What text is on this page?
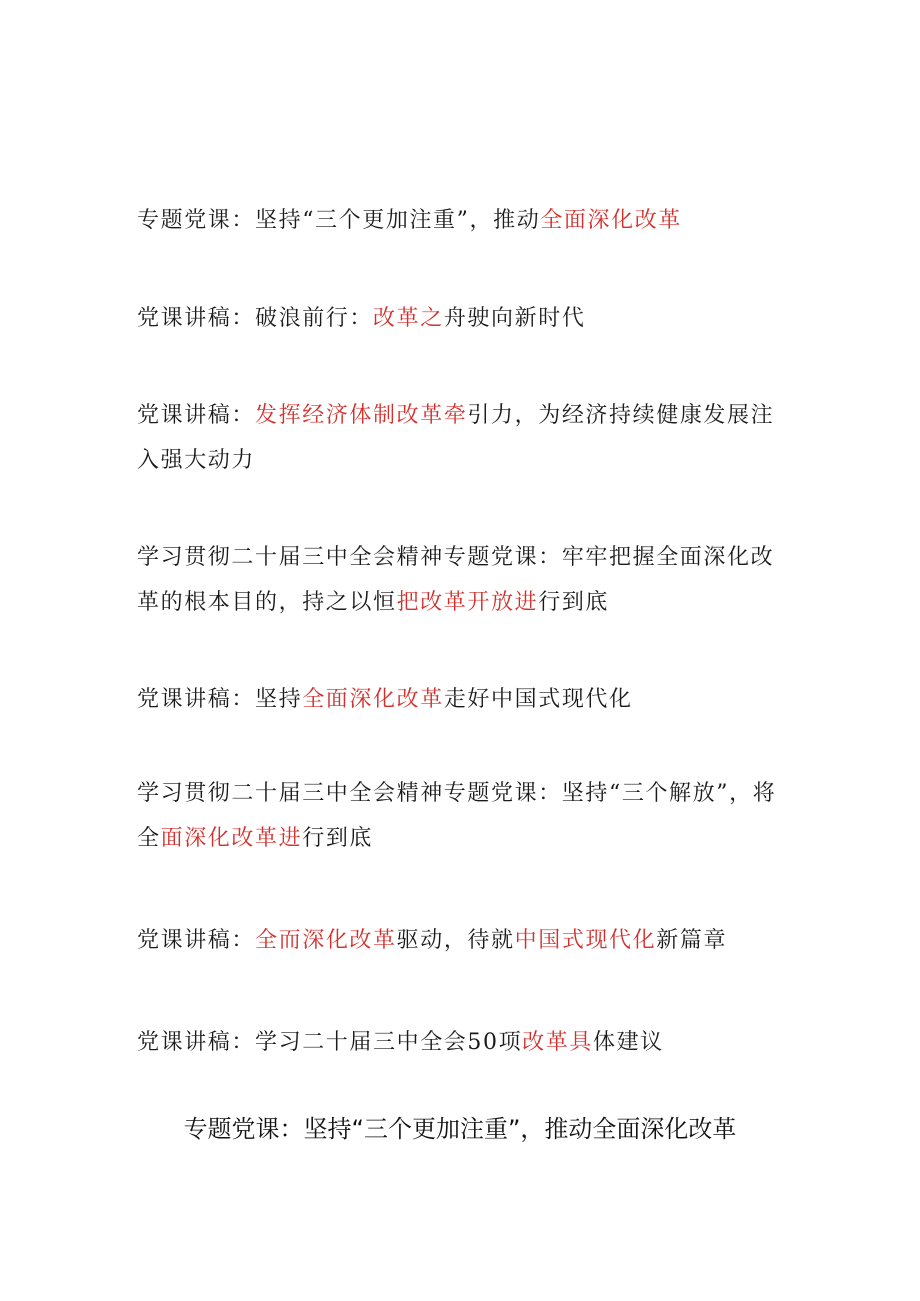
专题党课：坚持“三个更加注重”，推动全面深化改革
党课讲稿：破浪前行：改革之舟驶向新时代
党课讲稿：发挥经济体制改革牵引力，为经济持续健康发展注入强大动力
学习贯彻二十届三中全会精神专题党课：牢牢把握全面深化改革的根本目的，持之以恒把改革开放进行到底
党课讲稿：坚持全面深化改革走好中国式现代化
学习贯彻二十届三中全会精神专题党课：坚持“三个解放”，将全面深化改革进行到底
党课讲稿：全而深化改革驱动，待就中国式现代化新篇章
党课讲稿：学习二十届三中全会50项改革具体建议
专题党课：坚持“三个更加注重”，推动全面深化改革
